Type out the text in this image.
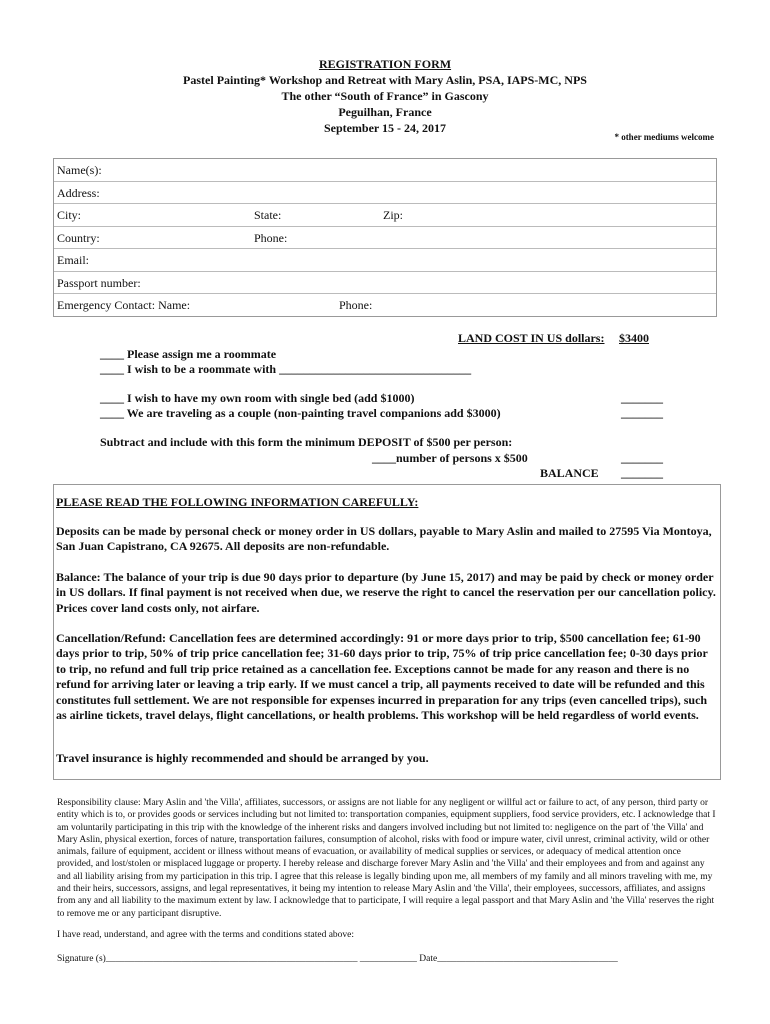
REGISTRATION FORM
Pastel Painting* Workshop and Retreat with Mary Aslin, PSA, IAPS-MC, NPS
The other “South of France” in Gascony
Peguilhan, France
September 15 - 24, 2017
* other mediums welcome
Name(s):
Address:
City:	State:	Zip:
Country:	Phone:
Email:
Passport number:
Emergency Contact: Name:	Phone:
LAND COST IN US dollars: $3400
____ Please assign me a roommate
____ I wish to be a roommate with ________________________________
____ I wish to have my own room with single bed (add $1000)	_______
____ We are traveling as a couple (non-painting travel companions add $3000)	_______
Subtract and include with this form the minimum DEPOSIT of $500 per person:
____number of persons x $500	_______
BALANCE _______

PLEASE READ THE FOLLOWING INFORMATION CAREFULLY:

Deposits can be made by personal check or money order in US dollars, payable to Mary Aslin and mailed to 27595 Via Montoya, San Juan Capistrano, CA 92675. All deposits are non-refundable.

Balance: The balance of your trip is due 90 days prior to departure (by June 15, 2017) and may be paid by check or money order in US dollars. If final payment is not received when due, we reserve the right to cancel the reservation per our cancellation policy. Prices cover land costs only, not airfare.

Cancellation/Refund: Cancellation fees are determined accordingly: 91 or more days prior to trip, $500 cancellation fee; 61-90 days prior to trip, 50% of trip price cancellation fee; 31-60 days prior to trip, 75% of trip price cancellation fee; 0-30 days prior to trip, no refund and full trip price retained as a cancellation fee. Exceptions cannot be made for any reason and there is no refund for arriving later or leaving a trip early. If we must cancel a trip, all payments received to date will be refunded and this constitutes full settlement. We are not responsible for expenses incurred in preparation for any trips (even cancelled trips), such as airline tickets, travel delays, flight cancellations, or health problems. This workshop will be held regardless of world events.

Travel insurance is highly recommended and should be arranged by you.

Responsibility clause: Mary Aslin and 'the Villa', affiliates, successors, or assigns are not liable for any negligent or willful act or failure to act, of any person, third party or entity which is to, or provides goods or services including but not limited to: transportation companies, equipment suppliers, food service providers, etc. I acknowledge that I am voluntarily participating in this trip with the knowledge of the inherent risks and dangers involved including but not limited to: negligence on the part of 'the Villa' and Mary Aslin, physical exertion, forces of nature, transportation failures, consumption of alcohol, risks with food or impure water, civil unrest, criminal activity, wild or other animals, failure of equipment, accident or illness without means of evacuation, or availability of medical supplies or services, or adequacy of medical attention once provided, and lost/stolen or misplaced luggage or property. I hereby release and discharge forever Mary Aslin and 'the Villa' and their employees and from and against any and all liability arising from my participation in this trip. I agree that this release is legally binding upon me, all members of my family and all minors traveling with me, my and their heirs, successors, assigns, and legal representatives, it being my intention to release Mary Aslin and 'the Villa', their employees, successors, affiliates, and assigns from any and all liability to the maximum extent by law. I acknowledge that to participate, I will require a legal passport and that Mary Aslin and 'the Villa' reserves the right to remove me or any participant disruptive.
I have read, understand, and agree with the terms and conditions stated above:
Signature (s)_____________________________________________________ ____________ Date______________________________________
